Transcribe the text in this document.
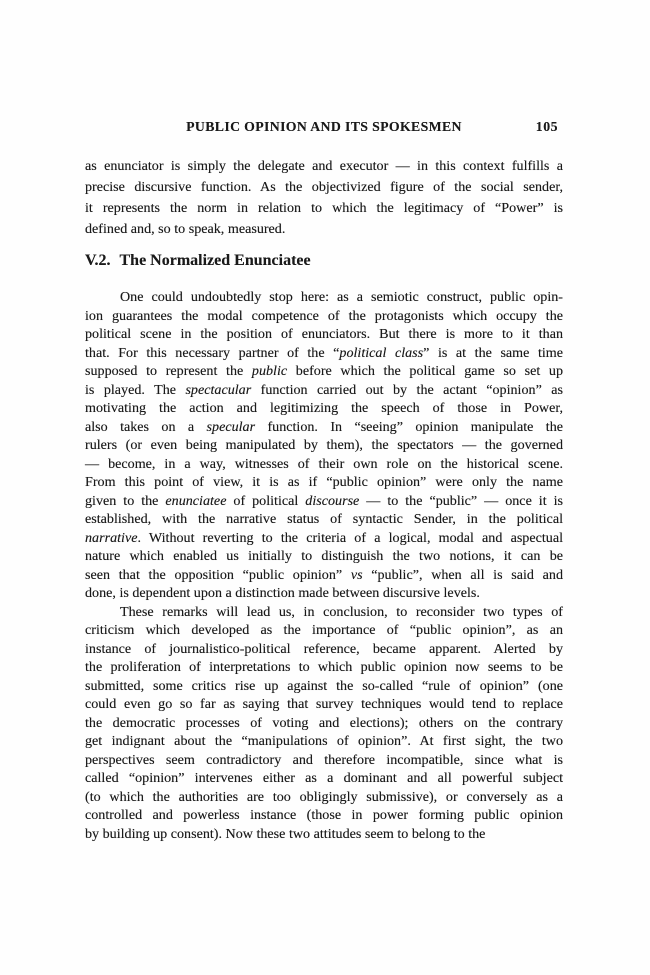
PUBLIC OPINION AND ITS SPOKESMEN	105
as enunciator is simply the delegate and executor — in this context fulfills a
precise discursive function. As the objectivized figure of the social sender,
it represents the norm in relation to which the legitimacy of “Power” is
defined and, so to speak, measured.
V.2. The Normalized Enunciatee
One could undoubtedly stop here: as a semiotic construct, public opin-
ion guarantees the modal competence of the protagonists which occupy the
political scene in the position of enunciators. But there is more to it than
that. For this necessary partner of the “political class” is at the same time
supposed to represent the public before which the political game so set up
is played. The spectacular function carried out by the actant “opinion” as
motivating the action and legitimizing the speech of those in Power,
also takes on a specular function. In “seeing” opinion manipulate the
rulers (or even being manipulated by them), the spectators — the governed
— become, in a way, witnesses of their own role on the historical scene.
From this point of view, it is as if “public opinion” were only the name
given to the enunciatee of political discourse — to the “public” — once it is
established, with the narrative status of syntactic Sender, in the political
narrative. Without reverting to the criteria of a logical, modal and aspectual
nature which enabled us initially to distinguish the two notions, it can be
seen that the opposition “public opinion” vs “public”, when all is said and
done, is dependent upon a distinction made between discursive levels.
These remarks will lead us, in conclusion, to reconsider two types of
criticism which developed as the importance of “public opinion”, as an
instance of journalistico-political reference, became apparent. Alerted by
the proliferation of interpretations to which public opinion now seems to be
submitted, some critics rise up against the so-called “rule of opinion” (one
could even go so far as saying that survey techniques would tend to replace
the democratic processes of voting and elections); others on the contrary
get indignant about the “manipulations of opinion”. At first sight, the two
perspectives seem contradictory and therefore incompatible, since what is
called “opinion” intervenes either as a dominant and all powerful subject
(to which the authorities are too obligingly submissive), or conversely as a
controlled and powerless instance (those in power forming public opinion
by building up consent). Now these two attitudes seem to belong to the
